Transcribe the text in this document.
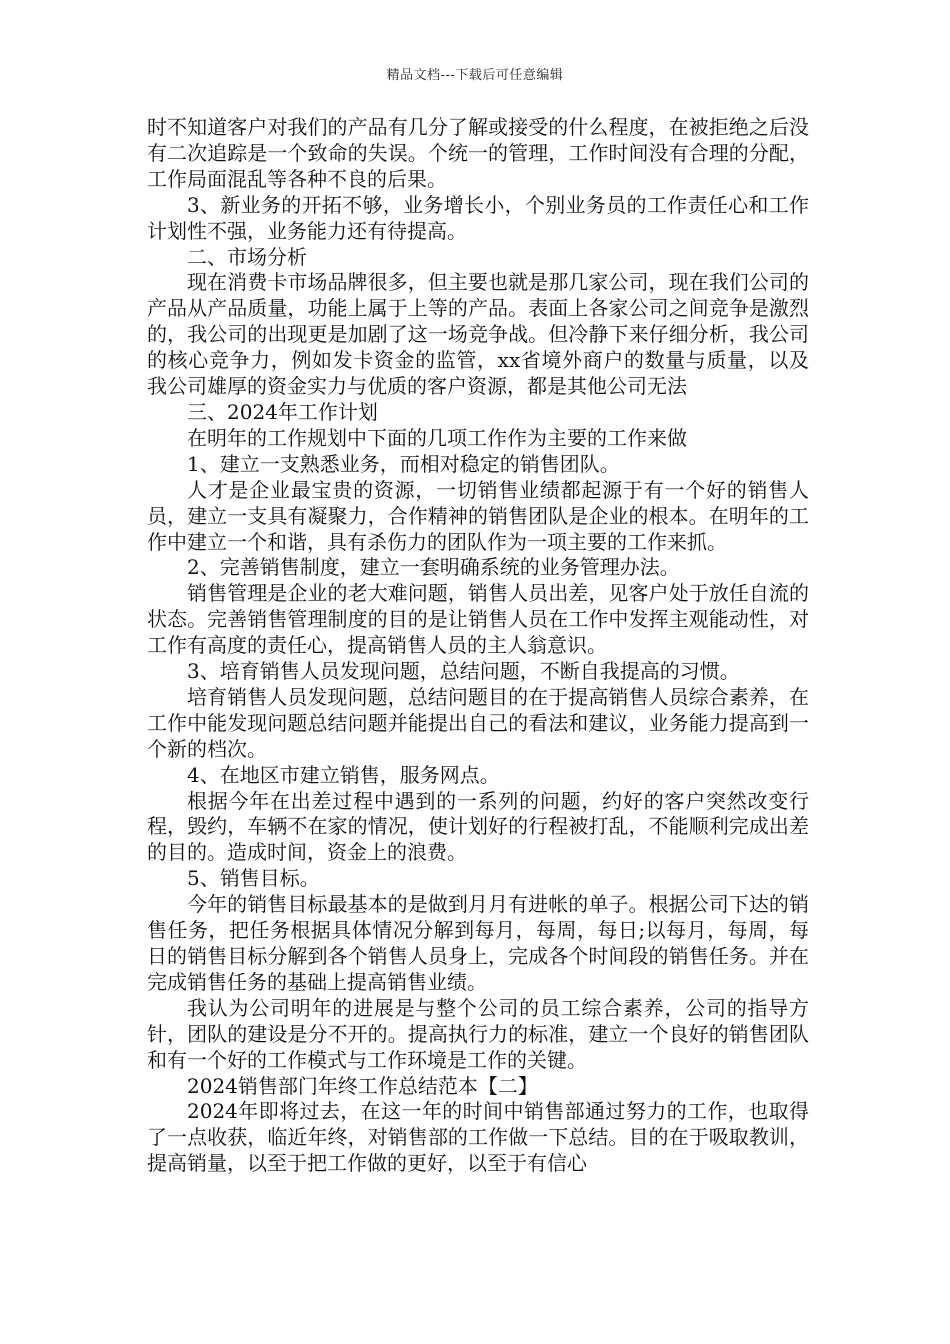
精品文档---下载后可任意编辑

时不知道客户对我们的产品有几分了解或接受的什么程度，在被拒绝之后没有二次追踪是一个致命的失误。个统一的管理，工作时间没有合理的分配，工作局面混乱等各种不良的后果。

3、新业务的开拓不够，业务增长小，个别业务员的工作责任心和工作计划性不强，业务能力还有待提高。

二、市场分析

现在消费卡市场品牌很多，但主要也就是那几家公司，现在我们公司的产品从产品质量，功能上属于上等的产品。表面上各家公司之间竞争是激烈的，我公司的出现更是加剧了这一场竞争战。但冷静下来仔细分析，我公司的核心竞争力，例如发卡资金的监管，xx省境外商户的数量与质量，以及我公司雄厚的资金实力与优质的客户资源，都是其他公司无法

三、2024年工作计划

在明年的工作规划中下面的几项工作作为主要的工作来做

1、建立一支熟悉业务，而相对稳定的销售团队。

人才是企业最宝贵的资源，一切销售业绩都起源于有一个好的销售人员，建立一支具有凝聚力，合作精神的销售团队是企业的根本。在明年的工作中建立一个和谐，具有杀伤力的团队作为一项主要的工作来抓。

2、完善销售制度，建立一套明确系统的业务管理办法。

销售管理是企业的老大难问题，销售人员出差，见客户处于放任自流的状态。完善销售管理制度的目的是让销售人员在工作中发挥主观能动性，对工作有高度的责任心，提高销售人员的主人翁意识。

3、培育销售人员发现问题，总结问题，不断自我提高的习惯。

培育销售人员发现问题，总结问题目的在于提高销售人员综合素养，在工作中能发现问题总结问题并能提出自己的看法和建议，业务能力提高到一个新的档次。

4、在地区市建立销售，服务网点。

根据今年在出差过程中遇到的一系列的问题，约好的客户突然改变行程，毁约，车辆不在家的情况，使计划好的行程被打乱，不能顺利完成出差的目的。造成时间，资金上的浪费。

5、销售目标。

今年的销售目标最基本的是做到月月有进帐的单子。根据公司下达的销售任务，把任务根据具体情况分解到每月，每周，每日;以每月，每周，每日的销售目标分解到各个销售人员身上，完成各个时间段的销售任务。并在完成销售任务的基础上提高销售业绩。

我认为公司明年的进展是与整个公司的员工综合素养，公司的指导方针，团队的建设是分不开的。提高执行力的标准，建立一个良好的销售团队和有一个好的工作模式与工作环境是工作的关键。

2024销售部门年终工作总结范本【二】

2024年即将过去，在这一年的时间中销售部通过努力的工作，也取得了一点收获，临近年终，对销售部的工作做一下总结。目的在于吸取教训，提高销量，以至于把工作做的更好，以至于有信心
